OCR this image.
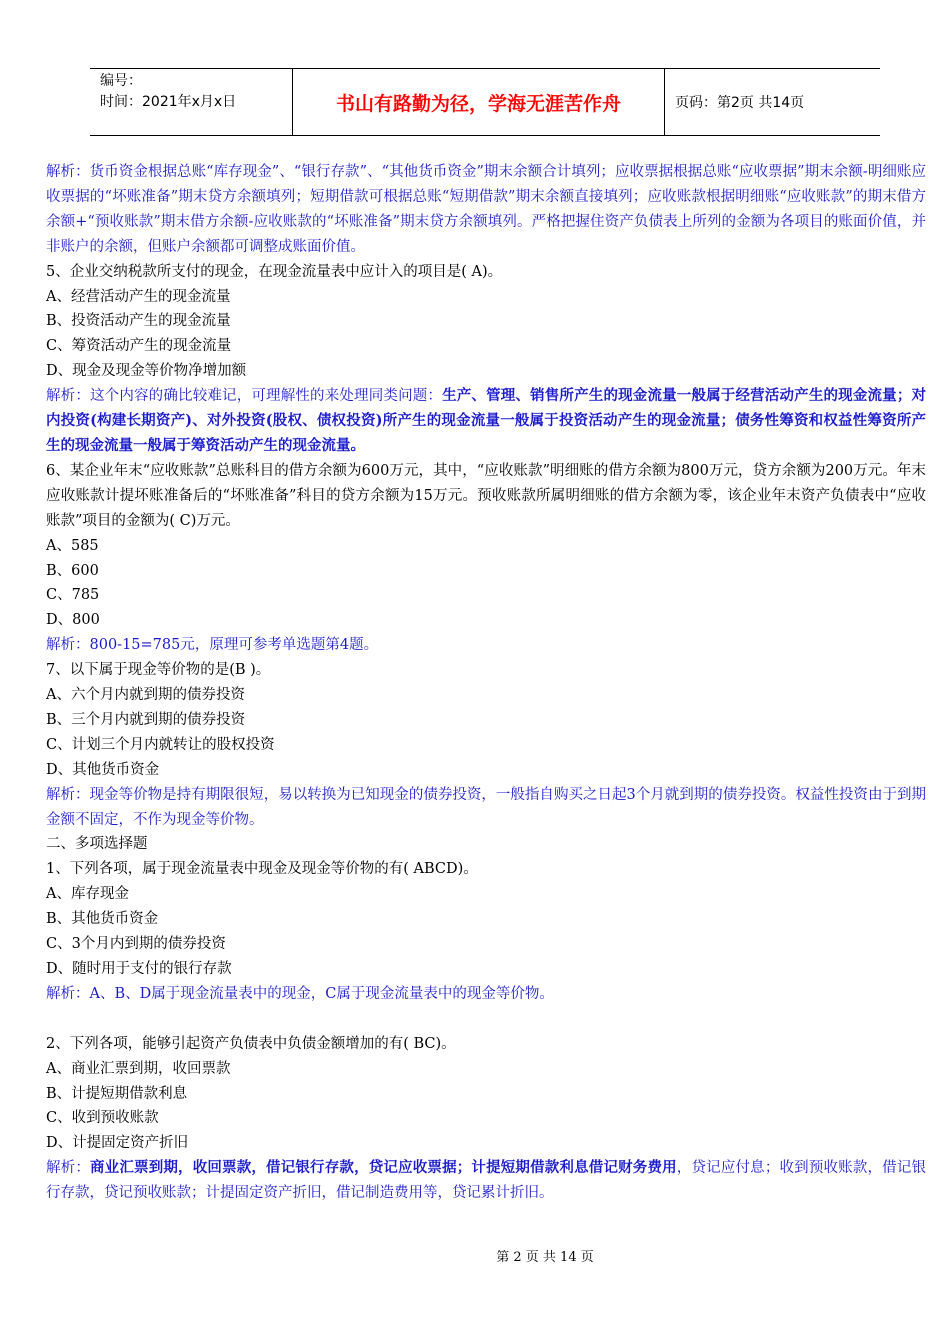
编号：
时间：2021年x月x日	书山有路勤为径，学海无涯苦作舟	页码：第2页 共14页

解析：货币资金根据总账“库存现金”、“银行存款”、“其他货币资金”期末余额合计填列；应收票据根据总账“应收票据”期末余额-明细账应收票据的“坏账准备”期末贷方余额填列；短期借款可根据总账“短期借款”期末余额直接填列；应收账款根据明细账“应收账款”的期末借方余额+“预收账款”期末借方余额-应收账款的“坏账准备”期末贷方余额填列。严格把握住资产负债表上所列的金额为各项目的账面价值，并非账户的余额，但账户余额都可调整成账面价值。

5、企业交纳税款所支付的现金，在现金流量表中应计入的项目是( A)。

A、经营活动产生的现金流量

B、投资活动产生的现金流量

C、筹资活动产生的现金流量

D、现金及现金等价物净增加额

解析：这个内容的确比较难记，可理解性的来处理同类问题：生产、管理、销售所产生的现金流量一般属于经营活动产生的现金流量；对内投资(构建长期资产)、对外投资(股权、债权投资)所产生的现金流量一般属于投资活动产生的现金流量；债务性筹资和权益性筹资所产生的现金流量一般属于筹资活动产生的现金流量。

6、某企业年末“应收账款”总账科目的借方余额为600万元，其中，“应收账款”明细账的借方余额为800万元，贷方余额为200万元。年末应收账款计提坏账准备后的“坏账准备”科目的贷方余额为15万元。预收账款所属明细账的借方余额为零，该企业年末资产负债表中“应收账款”项目的金额为( C)万元。

A、585

B、600

C、785

D、800

解析：800-15=785元，原理可参考单选题第4题。

7、以下属于现金等价物的是(B )。

A、六个月内就到期的债券投资

B、三个月内就到期的债券投资

C、计划三个月内就转让的股权投资

D、其他货币资金

解析：现金等价物是持有期限很短，易以转换为已知现金的债券投资，一般指自购买之日起3个月就到期的债券投资。权益性投资由于到期金额不固定，不作为现金等价物。

二、多项选择题

1、下列各项，属于现金流量表中现金及现金等价物的有( ABCD)。

A、库存现金

B、其他货币资金

C、3个月内到期的债券投资

D、随时用于支付的银行存款

解析：A、B、D属于现金流量表中的现金，C属于现金流量表中的现金等价物。

2、下列各项，能够引起资产负债表中负债金额增加的有( BC)。

A、商业汇票到期，收回票款

B、计提短期借款利息

C、收到预收账款

D、计提固定资产折旧

解析：商业汇票到期，收回票款，借记银行存款，贷记应收票据；计提短期借款利息借记财务费用，贷记应付息；收到预收账款，借记银行存款，贷记预收账款；计提固定资产折旧，借记制造费用等，贷记累计折旧。

第 2 页 共 14 页
